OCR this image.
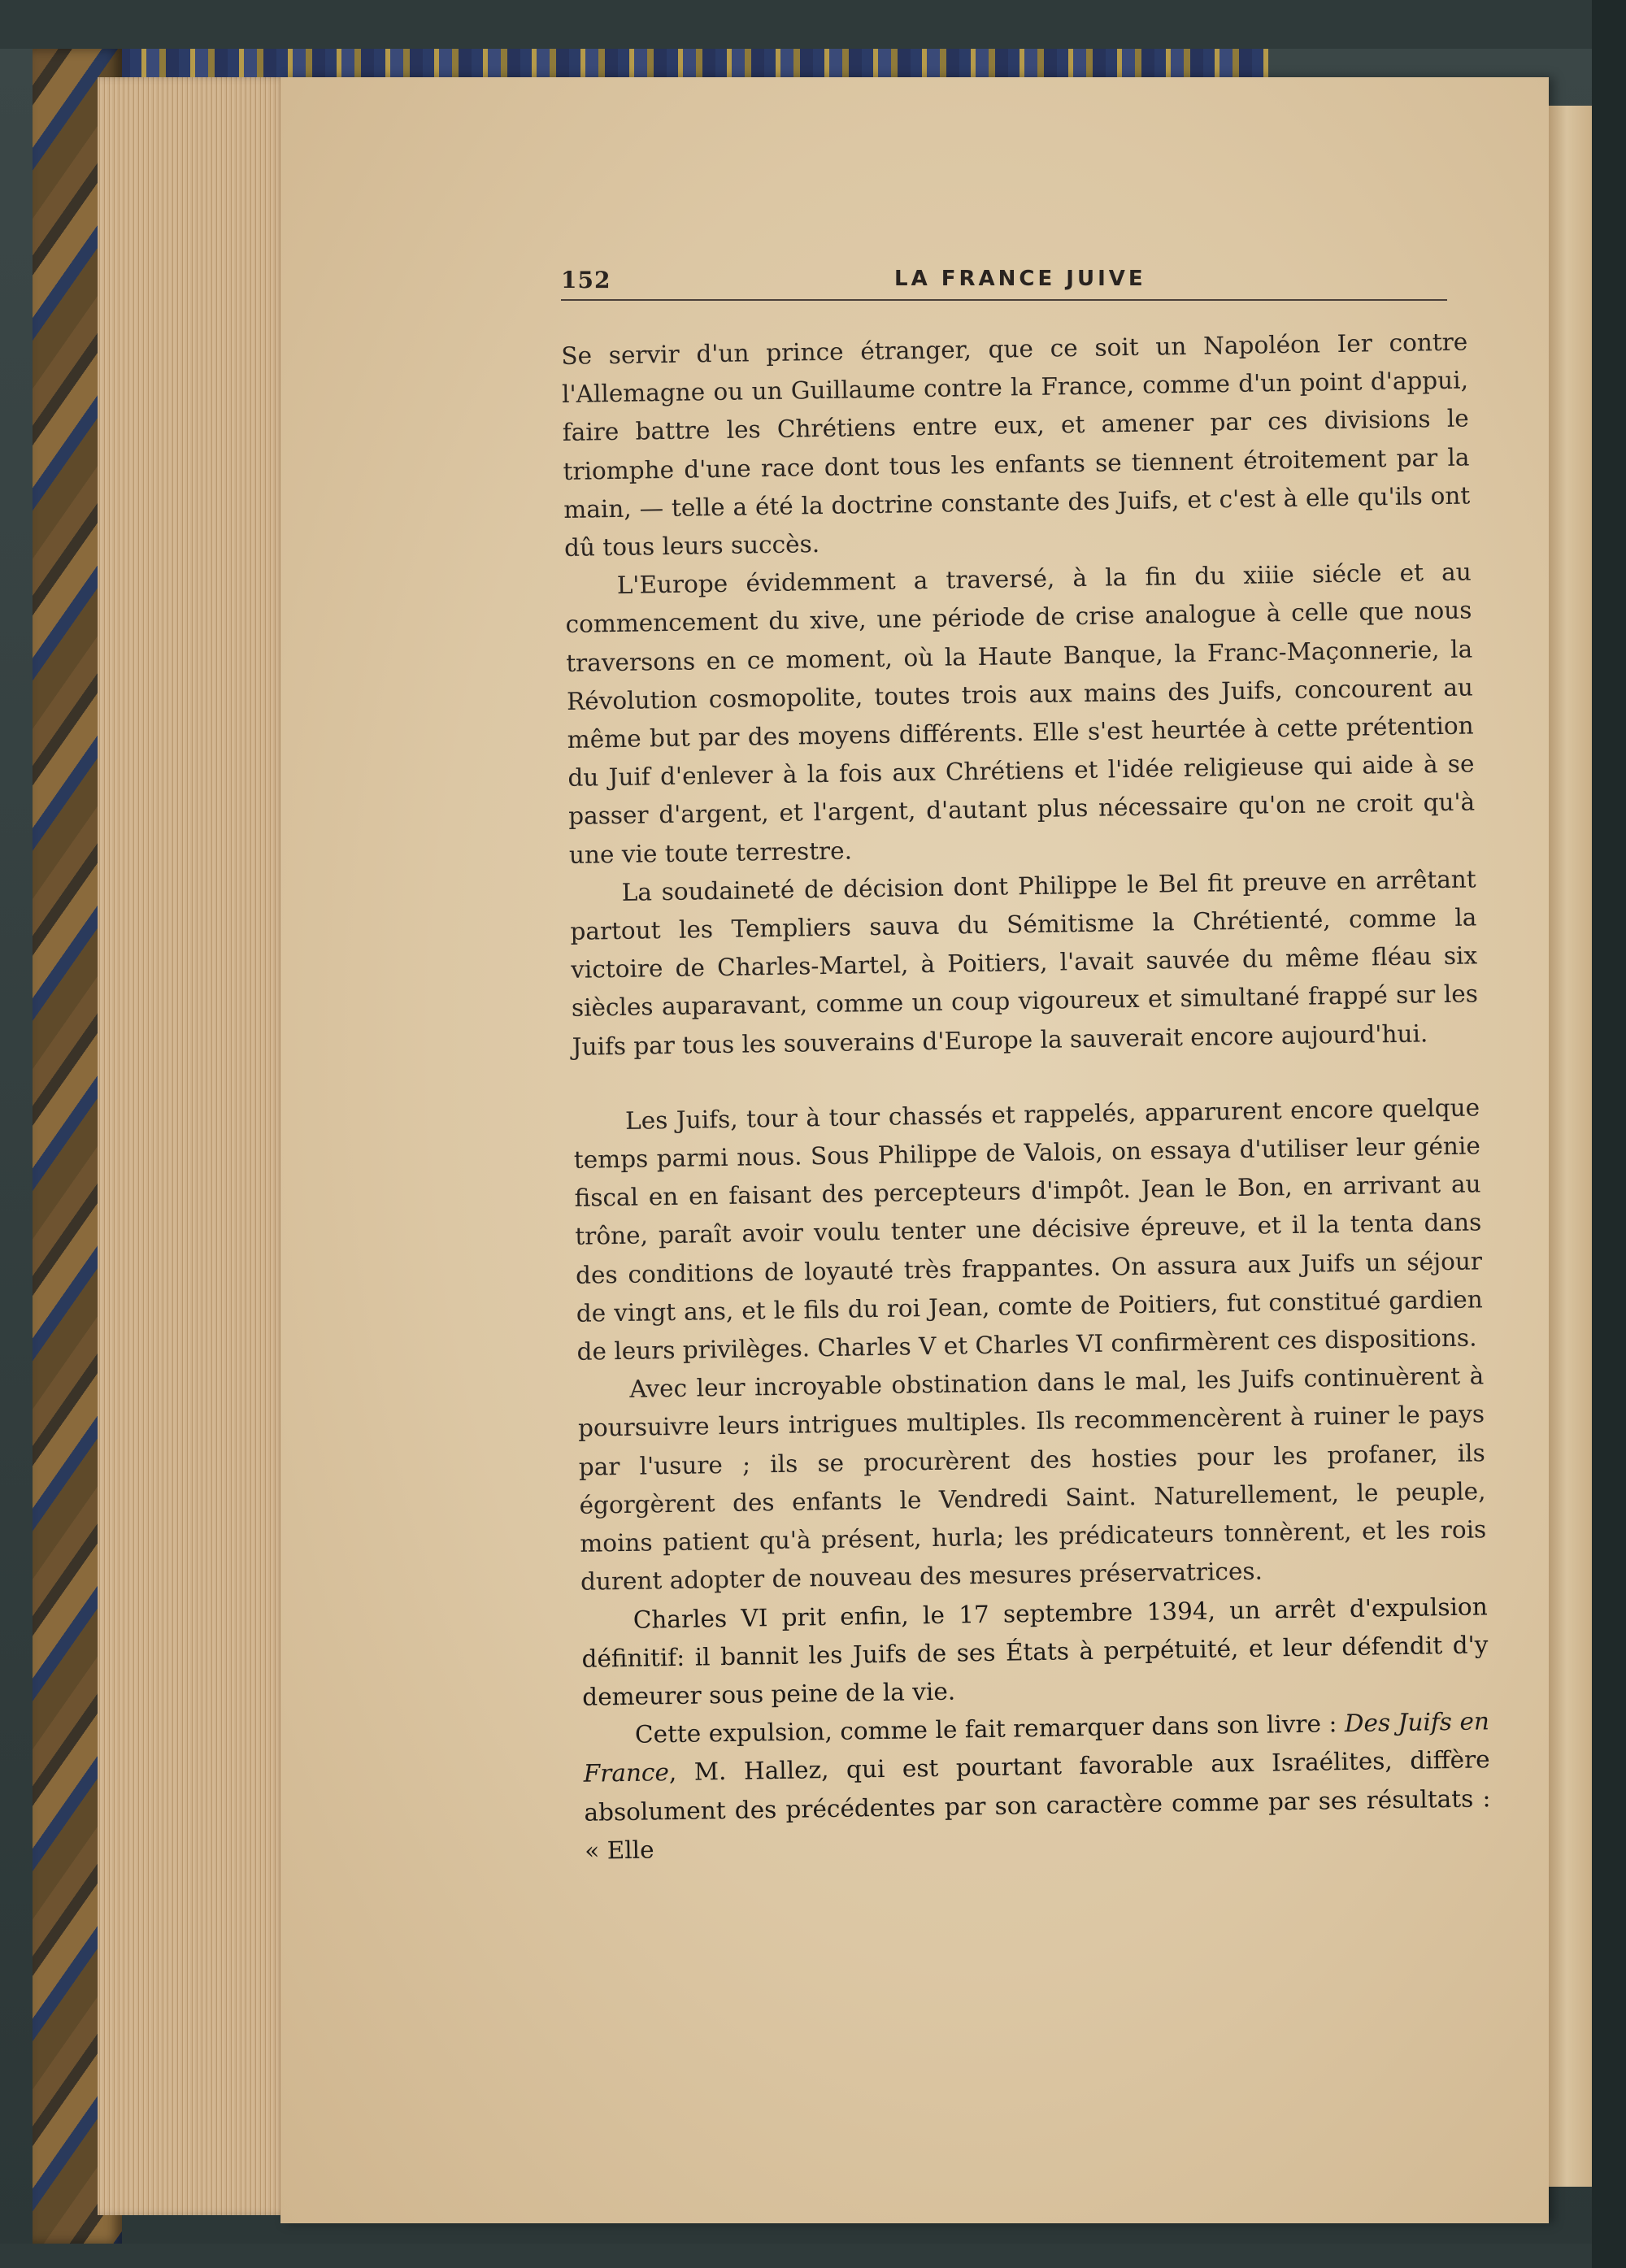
152	LA FRANCE JUIVE

Se servir d'un prince étranger, que ce soit un Napoléon Ier contre l'Allemagne ou un Guillaume contre la France, comme d'un point d'appui, faire battre les Chrétiens entre eux, et amener par ces divisions le triomphe d'une race dont tous les enfants se tiennent étroitement par la main, — telle a été la doctrine constante des Juifs, et c'est à elle qu'ils ont dû tous leurs succès.

L'Europe évidemment a traversé, à la fin du xiiie siécle et au commencement du xive, une période de crise analogue à celle que nous traversons en ce moment, où la Haute Banque, la Franc-Maçonnerie, la Révolution cosmopolite, toutes trois aux mains des Juifs, concourent au même but par des moyens différents. Elle s'est heurtée à cette prétention du Juif d'enlever à la fois aux Chrétiens et l'idée religieuse qui aide à se passer d'argent, et l'argent, d'autant plus nécessaire qu'on ne croit qu'à une vie toute terrestre.

La soudaineté de décision dont Philippe le Bel fit preuve en arrêtant partout les Templiers sauva du Sémitisme la Chrétienté, comme la victoire de Charles-Martel, à Poitiers, l'avait sauvée du même fléau six siècles auparavant, comme un coup vigoureux et simultané frappé sur les Juifs par tous les souverains d'Europe la sauverait encore aujourd'hui.

Les Juifs, tour à tour chassés et rappelés, apparurent encore quelque temps parmi nous. Sous Philippe de Valois, on essaya d'utiliser leur génie fiscal en en faisant des percepteurs d'impôt. Jean le Bon, en arrivant au trône, paraît avoir voulu tenter une décisive épreuve, et il la tenta dans des conditions de loyauté très frappantes. On assura aux Juifs un séjour de vingt ans, et le fils du roi Jean, comte de Poitiers, fut constitué gardien de leurs privilèges. Charles V et Charles VI confirmèrent ces dispositions.

Avec leur incroyable obstination dans le mal, les Juifs continuèrent à poursuivre leurs intrigues multiples. Ils recommencèrent à ruiner le pays par l'usure ; ils se procurèrent des hosties pour les profaner, ils égorgèrent des enfants le Vendredi Saint. Naturellement, le peuple, moins patient qu'à présent, hurla; les prédicateurs tonnèrent, et les rois durent adopter de nouveau des mesures préservatrices.

Charles VI prit enfin, le 17 septembre 1394, un arrêt d'expulsion définitif: il bannit les Juifs de ses États à perpétuité, et leur défendit d'y demeurer sous peine de la vie.

Cette expulsion, comme le fait remarquer dans son livre : Des Juifs en France, M. Hallez, qui est pourtant favorable aux Israélites, diffère absolument des précédentes par son caractère comme par ses résultats : « Elle
